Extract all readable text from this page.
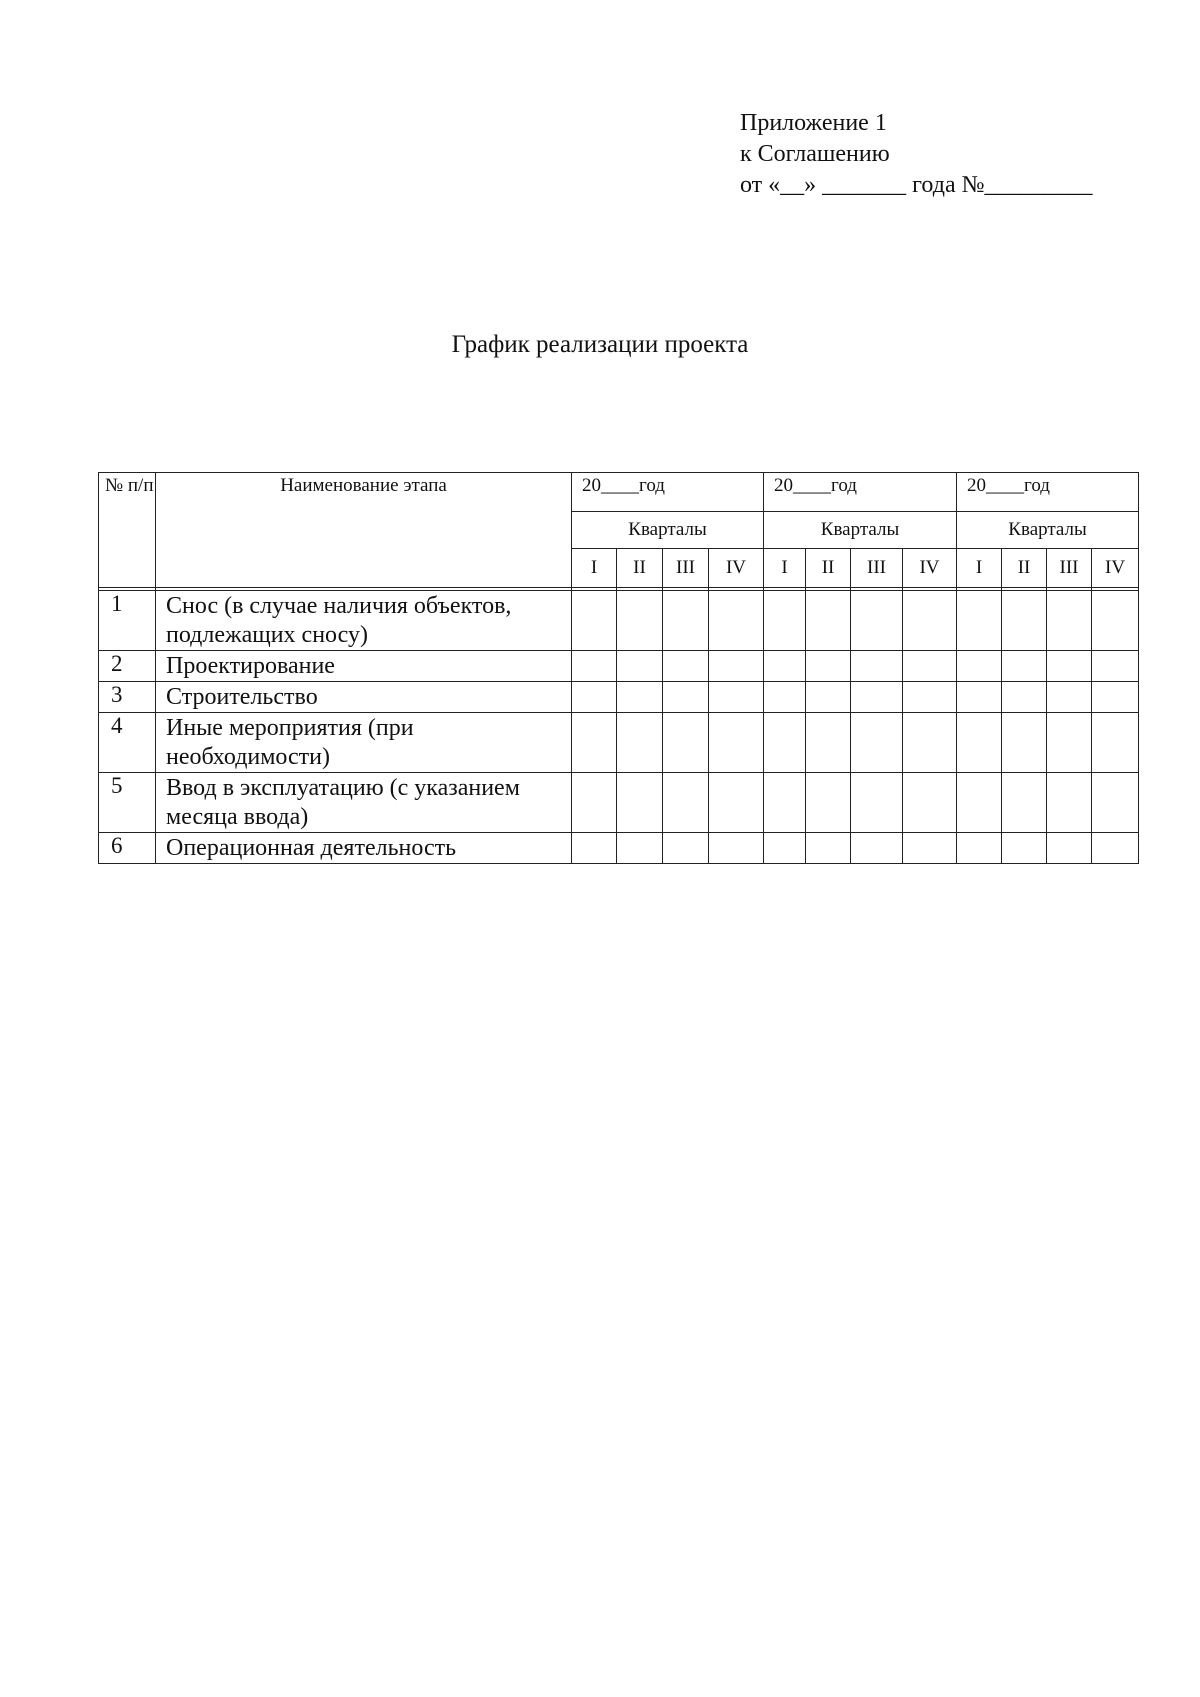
Приложение 1
к Соглашению
от «__» _______ года №_________
График реализации проекта
№ п/п	Наименование этапа	20____год				20____год				20____год			
		Кварталы				Кварталы				Кварталы			
		I	II	III	IV	I	II	III	IV	I	II	III	IV

1	Снос (в случае наличия объектов, подлежащих сносу)												
2	Проектирование												
3	Строительство												
4	Иные мероприятия (при необходимости)												
5	Ввод в эксплуатацию (с указанием месяца ввода)												
6	Операционная деятельность												
